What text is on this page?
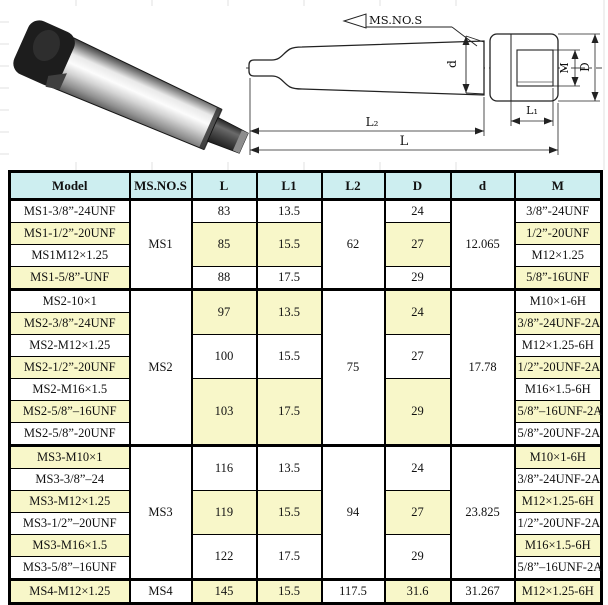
MS.NO.S
d	M D
L₁
L₂
L
Model	MS.NO.S	L	L1	L2	D	d	M
MS1-3/8”-24UNF	MS1	83	13.5	62	24	12.065	3/8”-24UNF
MS1-1/2”-20UNF		85	15.5		27		1/2”-20UNF
MS1M12×1.25							M12×1.25
MS1-5/8”-UNF		88	17.5		29		5/8”-16UNF
MS2-10×1	MS2	97	13.5	75	24	17.78	M10×1-6H
MS2-3/8”-24UNF							3/8”-24UNF-2A
MS2-M12×1.25		100	15.5		27		M12×1.25-6H
MS2-1/2”-20UNF							1/2”-20UNF-2A
MS2-M16×1.5		103	17.5		29		M16×1.5-6H
MS2-5/8”–16UNF							5/8”–16UNF-2A
MS2-5/8”-20UNF							5/8”-20UNF-2A
MS3-M10×1	MS3	116	13.5	94	24	23.825	M10×1-6H
MS3-3/8”–24							3/8”-24UNF-2A
MS3-M12×1.25		119	15.5		27		M12×1.25-6H
MS3-1/2”–20UNF							1/2”-20UNF-2A
MS3-M16×1.5		122	17.5		29		M16×1.5-6H
MS3-5/8”–16UNF							5/8”–16UNF-2A
MS4-M12×1.25	MS4	145	15.5	117.5	31.6	31.267	M12×1.25-6H
